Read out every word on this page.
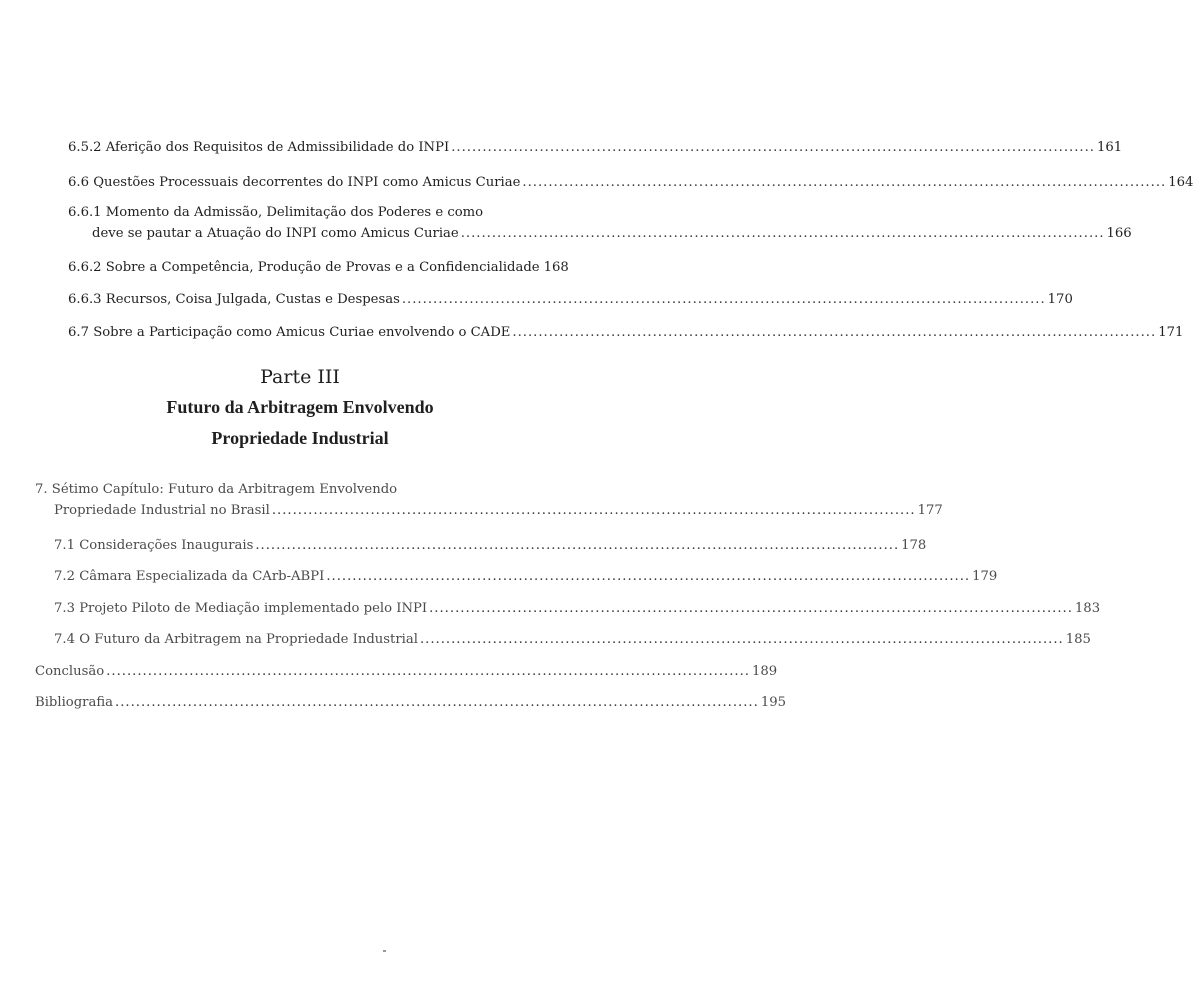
6.5.2
Aferição dos Requisitos de Admissibilidade do INPI ............................................................................................................................ 161
6.6
Questões Processuais decorrentes do INPI como Amicus Curiae ............................................................................................................................ 164
6.6.1 Momento da Admissão, Delimitação dos Poderes e como
deve se pautar a Atuação do INPI como Amicus Curiae ............................................................................................................................ 166
6.6.2
Sobre a Competência, Produção de Provas e a Confidencialidade 168
6.6.3
Recursos, Coisa Julgada, Custas e Despesas ............................................................................................................................ 170
6.7
Sobre a Participação como Amicus Curiae envolvendo o CADE ............................................................................................................................ 171
Parte III
Futuro da Arbitragem Envolvendo
Propriedade Industrial
7. Sétimo Capítulo: Futuro da Arbitragem Envolvendo
Propriedade Industrial no Brasil ............................................................................................................................ 177
7.1
Considerações Inaugurais ............................................................................................................................ 178
7.2
Câmara Especializada da CArb-ABPI ............................................................................................................................ 179
7.3
Projeto Piloto de Mediação implementado pelo INPI ............................................................................................................................ 183
7.4
O Futuro da Arbitragem na Propriedade Industrial ............................................................................................................................ 185
Conclusão ............................................................................................................................ 189
Bibliografia ............................................................................................................................ 195
